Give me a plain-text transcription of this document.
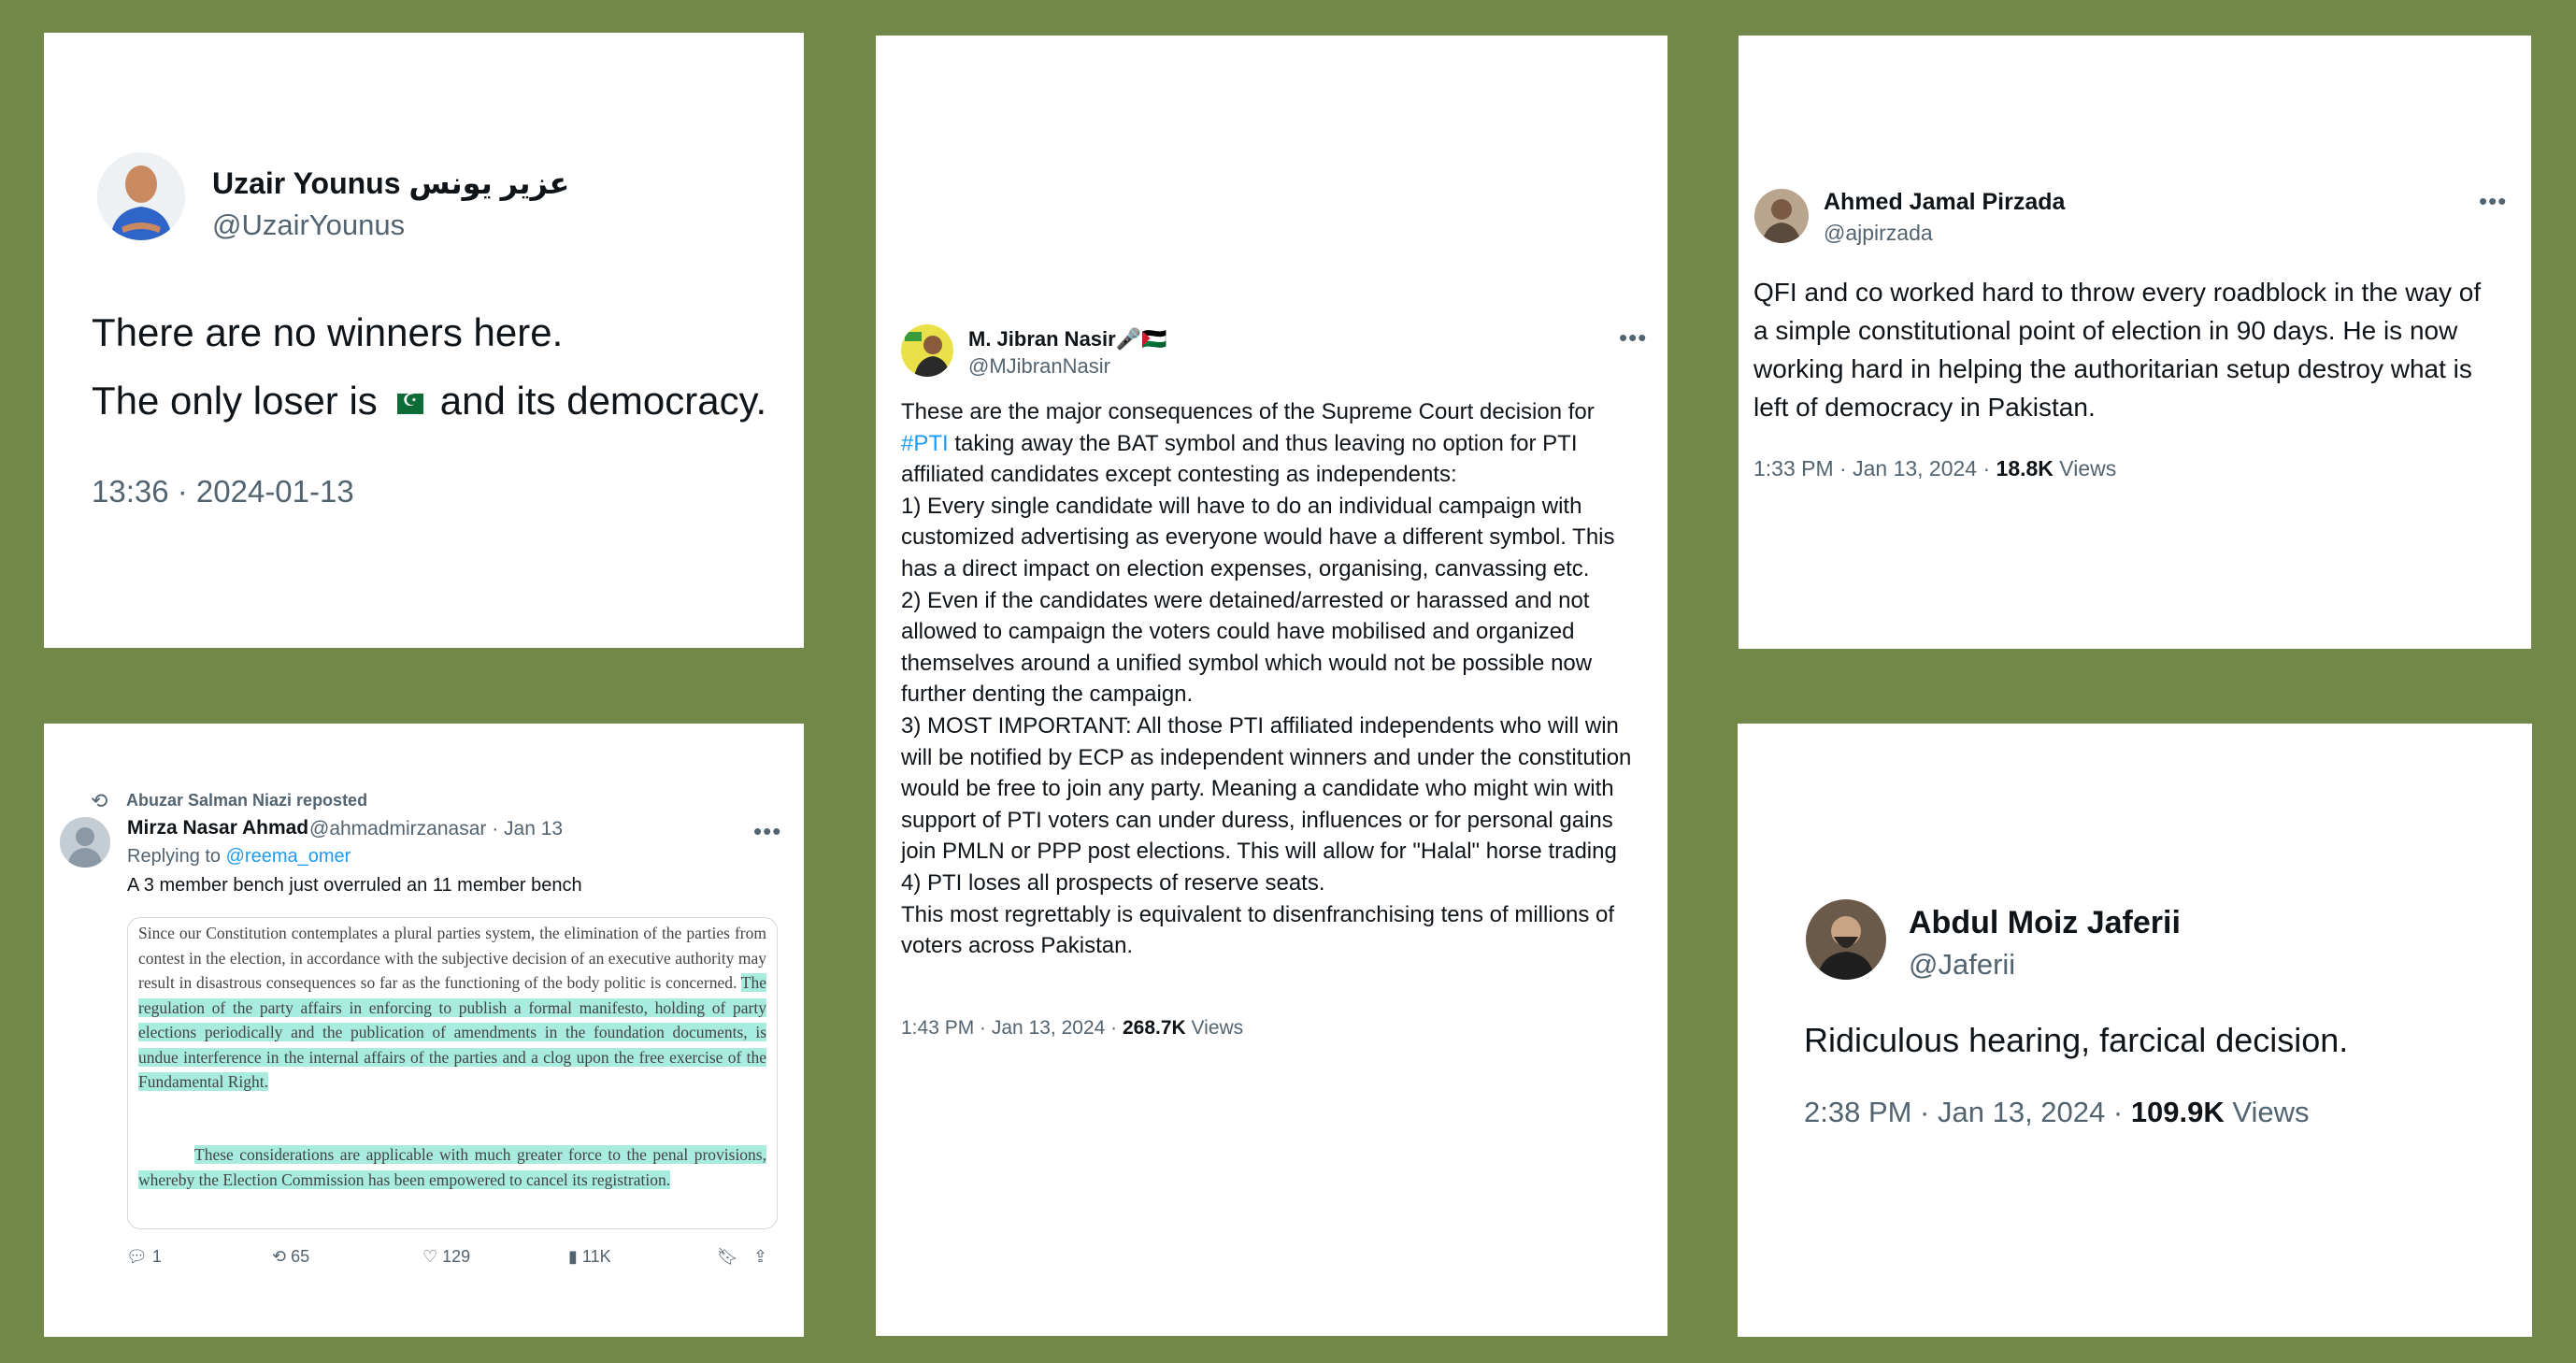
Uzair Younus عزیر یونس
@UzairYounus
There are no winners here.
The only loser is☪ and its democracy.
13:36 · 2024-01-13
M. Jibran Nasir🎤🇵🇸
@MJibranNasir
•••
These are the major consequences of the Supreme Court decision for
#PTI taking away the BAT symbol and thus leaving no option for PTI affiliated candidates except contesting as independents:
1) Every single candidate will have to do an individual campaign with customized advertising as everyone would have a different symbol. This has a direct impact on election expenses, organising, canvassing etc.
2) Even if the candidates were detained/arrested or harassed and not allowed to campaign the voters could have mobilised and organized themselves around a unified symbol which would not be possible now further denting the campaign.
3) MOST IMPORTANT: All those PTI affiliated independents who will win will be notified by ECP as independent winners and under the constitution would be free to join any party. Meaning a candidate who might win with support of PTI voters can under duress, influences or for personal gains join PMLN or PPP post elections. This will allow for "Halal" horse trading
4) PTI loses all prospects of reserve seats.
This most regrettably is equivalent to disenfranchising tens of millions of voters across Pakistan.
1:43 PM · Jan 13, 2024 · 268.7K Views
Ahmed Jamal Pirzada
@ajpirzada
•••
QFI and co worked hard to throw every roadblock in the way of a simple constitutional point of election in 90 days. He is now working hard in helping the authoritarian setup destroy what is left of democracy in Pakistan.
1:33 PM · Jan 13, 2024 · 18.8K Views
⟲ Abuzar Salman Niazi reposted
Mirza Nasar Ahmad @ahmadmirzanasar · Jan 13	•••
Replying to @reema_omer
A 3 member bench just overruled an 11 member bench
Since our Constitution contemplates a plural parties system, the elimination of the parties from contest in the election, in accordance with the subjective decision of an executive authority may result in disastrous consequences so far as the functioning of the body politic is concerned. The regulation of the party affairs in enforcing to publish a formal manifesto, holding of party elections periodically and the publication of amendments in the foundation documents, is undue interference in the internal affairs of the parties and a clog upon the free exercise of the Fundamental Right.
These considerations are applicable with much greater force to the penal provisions, whereby the Election Commission has been empowered to cancel its registration.
💬︎ 1	⟲ 65	♡ 129	▮ 11K	🔖︎ ⇪
Abdul Moiz Jaferii
@Jaferii
Ridiculous hearing, farcical decision.
2:38 PM · Jan 13, 2024 · 109.9K Views
